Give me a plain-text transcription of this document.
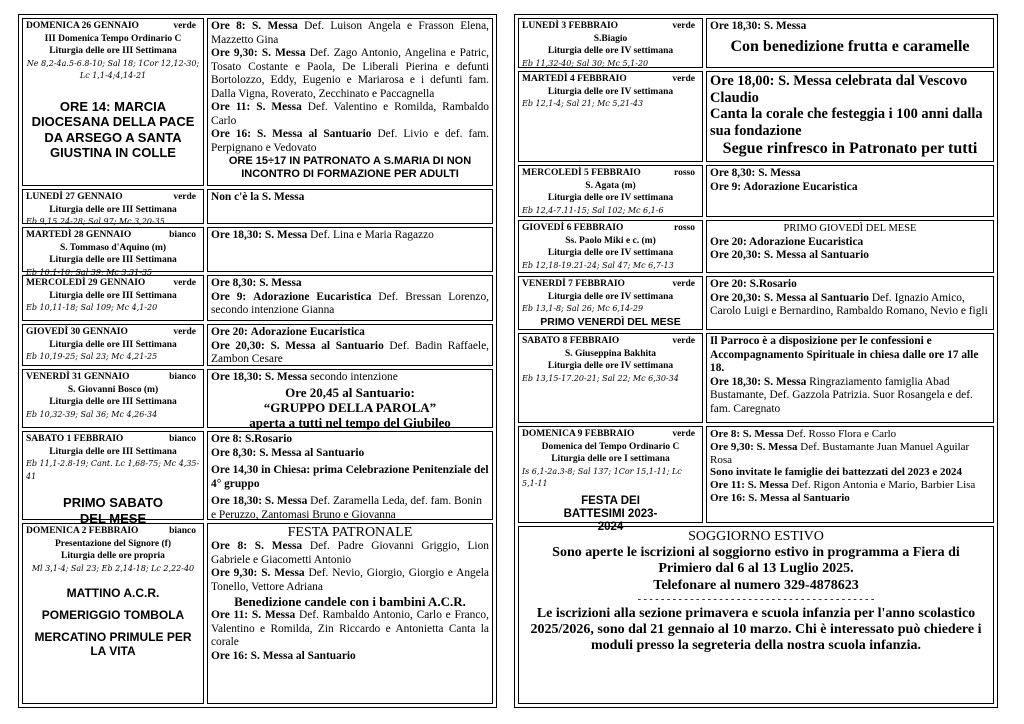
DOMENICA 26 GENNAIO	verde
III Domenica Tempo Ordinario C
Liturgia delle ore III Settimana
Ne 8,2-4a.5-6.8-10; Sal 18; 1Cor 12,12-30; Lc 1,1-4;4,14-21
ORE 14: MARCIA DIOCESANA DELLA PACE DA ARSEGO A SANTA GIUSTINA IN COLLE

Ore 8: S. Messa Def. Luison Angela e Frasson Elena, Mazzetto Gina

Ore 9,30: S. Messa Def. Zago Antonio, Angelina e Patric, Tosato Costante e Paola, De Liberali Pierina e defunti Bortolozzo, Eddy, Eugenio e Mariarosa e i defunti fam. Dalla Vigna, Roverato, Zecchinato e Paccagnella

Ore 11: S. Messa Def. Valentino e Romilda, Rambaldo Carlo

Ore 16: S. Messa al Santuario Def. Livio e def. fam. Perpignano e Vedovato

ORE 15÷17 IN PATRONATO A S.MARIA DI NON INCONTRO DI FORMAZIONE PER ADULTI

LUNEDÌ 27 GENNAIO	verde
Liturgia delle ore III Settimana
Eb 9,15.24-28; Sal 97; Mc 3,20-35

Non c'è la S. Messa

MARTEDÌ 28 GENNAIO	bianco
S. Tommaso d'Aquino (m)
Liturgia delle ore III Settimana
Eb 10,1-10; Sal 39; Mc 3,31-35

Ore 18,30: S. Messa Def. Lina e Maria Ragazzo

MERCOLEDÌ 29 GENNAIO	verde
Liturgia delle ore III Settimana
Eb 10,11-18; Sal 109; Mc 4,1-20

Ore 8,30: S. Messa

Ore 9: Adorazione Eucaristica Def. Bressan Lorenzo, secondo intenzione Gianna

GIOVEDÌ 30 GENNAIO	verde
Liturgia delle ore III Settimana
Eb 10,19-25; Sal 23; Mc 4,21-25

Ore 20: Adorazione Eucaristica

Ore 20,30: S. Messa al Santuario Def. Badin Raffaele, Zambon Cesare

VENERDÌ 31 GENNAIO	bianco
S. Giovanni Bosco (m)
Liturgia delle ore III Settimana
Eb 10,32-39; Sal 36; Mc 4,26-34

Ore 18,30: S. Messa secondo intenzione

Ore 20,45 al Santuario:

“GRUPPO DELLA PAROLA”

aperta a tutti nel tempo del Giubileo

SABATO 1 FEBBRAIO	bianco
Liturgia delle ore III Settimana
Eb 11,1-2.8-19; Cant. Lc 1,68-75; Mc 4,35-41
PRIMO SABATO DEL MESE

Ore 8: S.Rosario

Ore 8,30: S. Messa al Santuario

Ore 14,30 in Chiesa: prima Celebrazione Penitenziale del 4° gruppo

Ore 18,30: S. Messa Def. Zaramella Leda, def. fam. Bonin e Peruzzo, Zantomasi Bruno e Giovanna

DOMENICA 2 FEBBRAIO	bianco
Presentazione del Signore (f)
Liturgia delle ore propria
Ml 3,1-4; Sal 23; Eb 2,14-18; Lc 2,22-40
MATTINO A.C.R.
POMERIGGIO TOMBOLA
MERCATINO PRIMULE PER LA VITA

FESTA PATRONALE

Ore 8: S. Messa Def. Padre Giovanni Griggio, Lion Gabriele e Giacometti Antonio

Ore 9,30: S. Messa Def. Nevio, Giorgio, Giorgio e Angela Tonello, Vettore Adriana

Benedizione candele con i bambini A.C.R.

Ore 11: S. Messa Def. Rambaldo Antonio, Carlo e Franco, Valentino e Romilda, Zin Riccardo e Antonietta Canta la corale

Ore 16: S. Messa al Santuario

LUNEDÌ 3 FEBBRAIO	verde
S.Biagio
Liturgia delle ore IV settimana
Eb 11,32-40; Sal 30; Mc 5,1-20

Ore 18,30: S. Messa

Con benedizione frutta e caramelle

MARTEDÌ 4 FEBBRAIO	verde
Liturgia delle ore IV settimana
Eb 12,1-4; Sal 21; Mc 5,21-43

Ore 18,00: S. Messa celebrata dal Vescovo Claudio

Canta la corale che festeggia i 100 anni dalla sua fondazione

Segue rinfresco in Patronato per tutti

MERCOLEDÌ 5 FEBBRAIO	rosso
S. Agata (m)
Liturgia delle ore IV settimana
Eb 12,4-7.11-15; Sal 102; Mc 6,1-6

Ore 8,30: S. Messa

Ore 9: Adorazione Eucaristica

GIOVEDÌ 6 FEBBRAIO	rosso
Ss. Paolo Miki e c. (m)
Liturgia delle ore IV settimana
Eb 12,18-19.21-24; Sal 47; Mc 6,7-13

PRIMO GIOVEDÌ DEL MESE

Ore 20: Adorazione Eucaristica

Ore 20,30: S. Messa al Santuario

VENERDÌ 7 FEBBRAIO	verde
Liturgia delle ore IV settimana
Eb 13,1-8; Sal 26; Mc 6,14-29
PRIMO VENERDÌ DEL MESE

Ore 20: S.Rosario

Ore 20,30: S. Messa al Santuario Def. Ignazio Amico, Carolo Luigi e Bernardino, Rambaldo Romano, Nevio e figli

SABATO 8 FEBBRAIO	verde
S. Giuseppina Bakhita
Liturgia delle ore IV settimana
Eb 13,15-17.20-21; Sal 22; Mc 6,30-34

Il Parroco è a disposizione per le confessioni e Accompagnamento Spirituale in chiesa dalle ore 17 alle 18.

Ore 18,30: S. Messa Ringraziamento famiglia Abad Bustamante, Def. Gazzola Patrizia. Suor Rosangela e def. fam. Caregnato

DOMENICA 9 FEBBRAIO	verde
Domenica del Tempo Ordinario C
Liturgia delle ore I settimana
Is 6,1-2a.3-8; Sal 137; 1Cor 15,1-11; Lc 5,1-11
FESTA DEI BATTESIMI 2023-2024

Ore 8: S. Messa Def. Rosso Flora e Carlo

Ore 9,30: S. Messa Def. Bustamante Juan Manuel Aguilar Rosa

Sono invitate le famiglie dei battezzati del 2023 e 2024

Ore 11: S. Messa Def. Rigon Antonia e Mario, Barbier Lisa

Ore 16: S. Messa al Santuario

SOGGIORNO ESTIVO

Sono aperte le iscrizioni al soggiorno estivo in programma a Fiera di Primiero dal 6 al 13 Luglio 2025.

Telefonare al numero 329-4878623

- - - - - - - - - - - - - - - - - - - - - - - - - - - - - - - - - - - - - - - - -

Le iscrizioni alla sezione primavera e scuola infanzia per l'anno scolastico 2025/2026, sono dal 21 gennaio al 10 marzo. Chi è interessato può chiedere i moduli presso la segreteria della nostra scuola infanzia.
